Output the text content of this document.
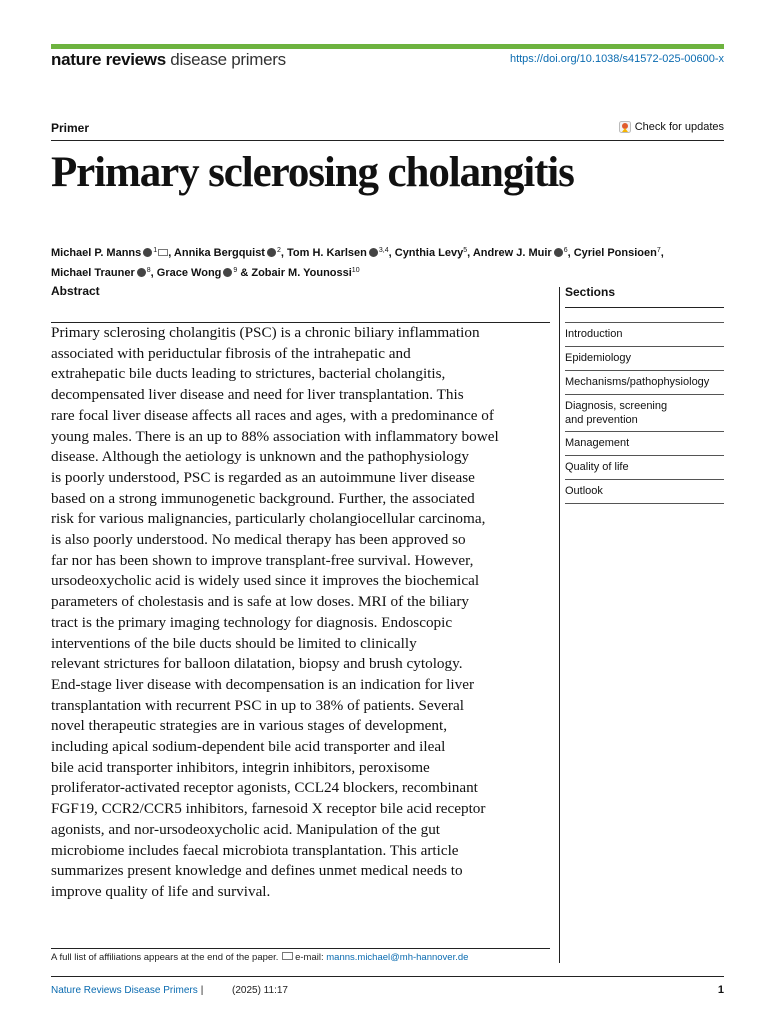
nature reviews disease primers	https://doi.org/10.1038/s41572-025-00600-x
Primer	Check for updates
Primary sclerosing cholangitis
Michael P. Manns $^1$ , Annika Bergquist $^2$, Tom H. Karlsen $^{3,4}$, Cynthia Levy$^5$, Andrew J. Muir $^6$, Cyriel Ponsioen$^7$,
Michael Trauner $^8$, Grace Wong $^9$ & Zobair M. Younossi$^{10}$
Abstract
Primary sclerosing cholangitis (PSC) is a chronic biliary inflammation
associated with periductular fibrosis of the intrahepatic and
extrahepatic bile ducts leading to strictures, bacterial cholangitis,
decompensated liver disease and need for liver transplantation. This
rare focal liver disease affects all races and ages, with a predominance of
young males. There is an up to 88% association with inflammatory bowel
disease. Although the aetiology is unknown and the pathophysiology
is poorly understood, PSC is regarded as an autoimmune liver disease
based on a strong immunogenetic background. Further, the associated
risk for various malignancies, particularly cholangiocellular carcinoma,
is also poorly understood. No medical therapy has been approved so
far nor has been shown to improve transplant-free survival. However,
ursodeoxycholic acid is widely used since it improves the biochemical
parameters of cholestasis and is safe at low doses. MRI of the biliary
tract is the primary imaging technology for diagnosis. Endoscopic
interventions of the bile ducts should be limited to clinically
relevant strictures for balloon dilatation, biopsy and brush cytology.
End-stage liver disease with decompensation is an indication for liver
transplantation with recurrent PSC in up to 38% of patients. Several
novel therapeutic strategies are in various stages of development,
including apical sodium-dependent bile acid transporter and ileal
bile acid transporter inhibitors, integrin inhibitors, peroxisome
proliferator-activated receptor agonists, CCL24 blockers, recombinant
FGF19, CCR2/CCR5 inhibitors, farnesoid X receptor bile acid receptor
agonists, and nor-ursodeoxycholic acid. Manipulation of the gut
microbiome includes faecal microbiota transplantation. This article
summarizes present knowledge and defines unmet medical needs to
improve quality of life and survival.
Sections
Introduction
Epidemiology
Mechanisms/pathophysiology
Diagnosis, screening
and prevention
Management
Quality of life
Outlook
A full list of affiliations appears at the end of the paper. e-mail: manns.michael@mh-hannover.de
Nature Reviews Disease Primers |	(2025) 11:17	1
